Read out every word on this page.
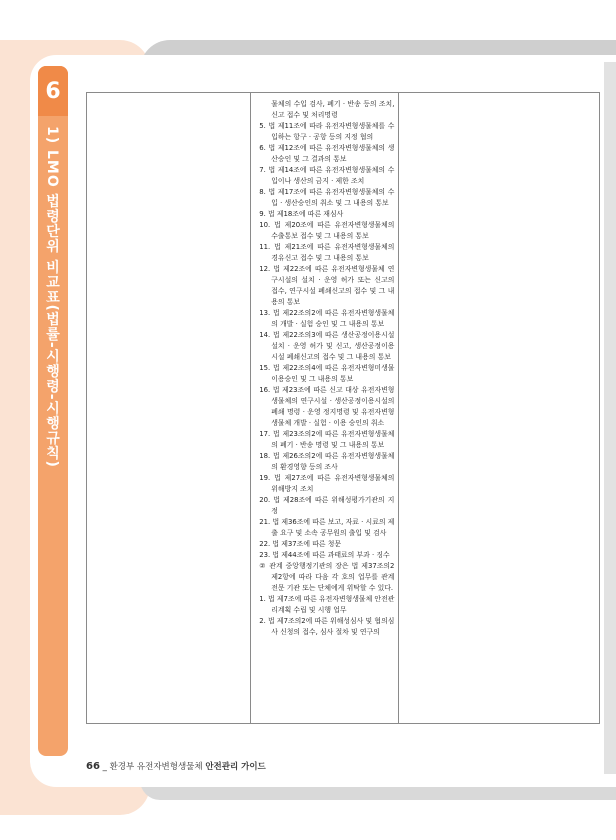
6
1) LMO 법령단위 비교표(법률-시행령-시행규칙)

물체의 수입 검사, 폐기 · 반송 등의 조치, 신고 접수 및 처리명령
5. 법 제11조에 따라 유전자변형생물체를 수입하는 항구 · 공항 등의 지정 협의
6. 법 제12조에 따른 유전자변형생물체의 생산승인 및 그 결과의 통보
7. 법 제14조에 따른 유전자변형생물체의 수입이나 생산의 금지 · 제한 조치
8. 법 제17조에 따른 유전자변형생물체의 수입 · 생산승인의 취소 및 그 내용의 통보
9. 법 제18조에 따른 재심사
10. 법 제20조에 따른 유전자변형생물체의 수출통보 접수 및 그 내용의 통보
11. 법 제21조에 따른 유전자변형생물체의 경유신고 접수 및 그 내용의 통보
12. 법 제22조에 따른 유전자변형생물체 연구시설의 설치 · 운영 허가 또는 신고의 접수, 연구시설 폐쇄신고의 접수 및 그 내용의 통보
13. 법 제22조의2에 따른 유전자변형생물체의 개발 · 실험 승인 및 그 내용의 통보
14. 법 제22조의3에 따른 생산공정이용시설 설치 · 운영 허가 및 신고, 생산공정이용시설 폐쇄신고의 접수 및 그 내용의 통보
15. 법 제22조의4에 따른 유전자변형미생물 이용승인 및 그 내용의 통보
16. 법 제23조에 따른 신고 대상 유전자변형생물체의 연구시설 · 생산공정이용시설의 폐쇄 명령 · 운영 정지명령 및 유전자변형생물체 개발 · 실험 · 이용 승인의 취소
17. 법 제23조의2에 따른 유전자변형생물체의 폐기 · 반송 명령 및 그 내용의 통보
18. 법 제26조의2에 따른 유전자변형생물체의 환경영향 등의 조사
19. 법 제27조에 따른 유전자변형생물체의 위해방지 조치
20. 법 제28조에 따른 위해성평가기관의 지정
21. 법 제36조에 따른 보고, 자료 · 시료의 제출 요구 및 소속 공무원의 출입 및 검사
22. 법 제37조에 따른 청문
23. 법 제44조에 따른 과태료의 부과 · 징수
② 관계 중앙행정기관의 장은 법 제37조의2 제2항에 따라 다음 각 호의 업무를 관계 전문 기관 또는 단체에게 위탁할 수 있다.
1. 법 제7조에 따른 유전자변형생물체 안전관리계획 수립 및 시행 업무
2. 법 제7조의2에 따른 위해성심사 및 협의심사 신청의 접수, 심사 절차 및 연구의

66 _ 환경부 유전자변형생물체 안전관리 가이드
